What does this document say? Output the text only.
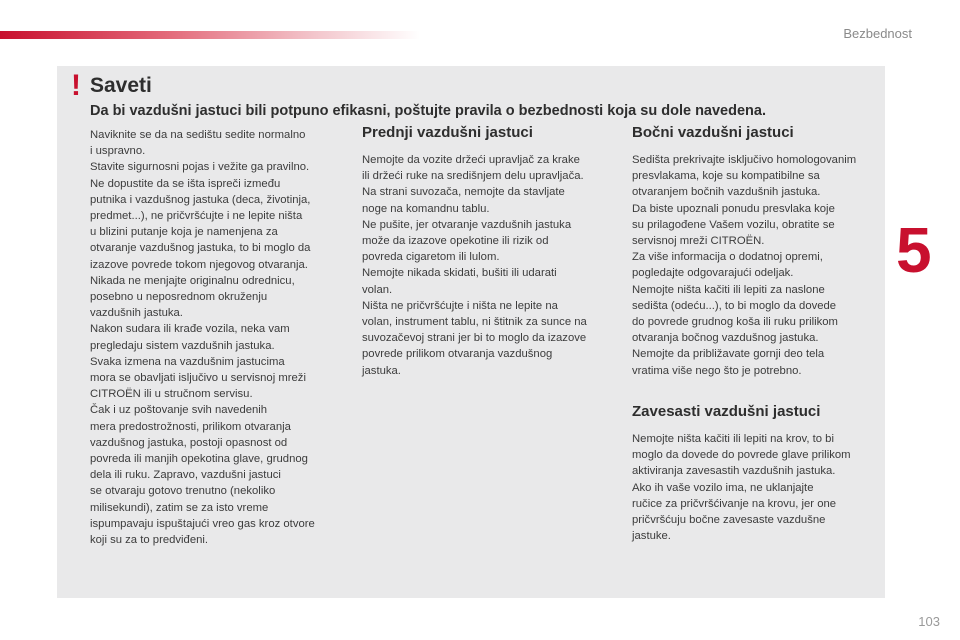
Bezbednost
5
103
! Saveti

Da bi vazdušni jastuci bili potpuno efikasni, poštujte pravila o bezbednosti koja su dole navedena.

Naviknite se da na sedištu sedite normalno
i uspravno.
Stavite sigurnosni pojas i vežite ga pravilno.
Ne dopustite da se išta ispreči između
putnika i vazdušnog jastuka (deca, životinja,
predmet...), ne pričvršćujte i ne lepite ništa
u blizini putanje koja je namenjena za
otvaranje vazdušnog jastuka, to bi moglo da
izazove povrede tokom njegovog otvaranja.
Nikada ne menjajte originalnu odrednicu,
posebno u neposrednom okruženju
vazdušnih jastuka.
Nakon sudara ili krađe vozila, neka vam
pregledaju sistem vazdušnih jastuka.
Svaka izmena na vazdušnim jastucima
mora se obavljati isljučivo u servisnoj mreži
CITROËN ili u stručnom servisu.
Čak i uz poštovanje svih navedenih
mera predostrožnosti, prilikom otvaranja
vazdušnog jastuka, postoji opasnost od
povreda ili manjih opekotina glave, grudnog
dela ili ruku. Zapravo, vazdušni jastuci
se otvaraju gotovo trenutno (nekoliko
milisekundi), zatim se za isto vreme
ispumpavaju ispuštajući vreo gas kroz otvore
koji su za to predviđeni.

Prednji vazdušni jastuci

Nemojte da vozite držeći upravljač za krake
ili držeći ruke na središnjem delu upravljača.
Na strani suvozača, nemojte da stavljate
noge na komandnu tablu.
Ne pušite, jer otvaranje vazdušnih jastuka
može da izazove opekotine ili rizik od
povreda cigaretom ili lulom.
Nemojte nikada skidati, bušiti ili udarati
volan.
Ništa ne pričvršćujte i ništa ne lepite na
volan, instrument tablu, ni štitnik za sunce na
suvozačevoj strani jer bi to moglo da izazove
povrede prilikom otvaranja vazdušnog
jastuka.

Bočni vazdušni jastuci

Sedišta prekrivajte isključivo homologovanim
presvlakama, koje su kompatibilne sa
otvaranjem bočnih vazdušnih jastuka.
Da biste upoznali ponudu presvlaka koje
su prilagođene Vašem vozilu, obratite se
servisnoj mreži CITROËN.
Za više informacija o dodatnoj opremi,
pogledajte odgovarajući odeljak.
Nemojte ništa kačiti ili lepiti za naslone
sedišta (odeću...), to bi moglo da dovede
do povrede grudnog koša ili ruku prilikom
otvaranja bočnog vazdušnog jastuka.
Nemojte da približavate gornji deo tela
vratima više nego što je potrebno.

Zavesasti vazdušni jastuci

Nemojte ništa kačiti ili lepiti na krov, to bi
moglo da dovede do povrede glave prilikom
aktiviranja zavesastih vazdušnih jastuka.
Ako ih vaše vozilo ima, ne uklanjajte
ručice za pričvršćivanje na krovu, jer one
pričvršćuju bočne zavesaste vazdušne
jastuke.
